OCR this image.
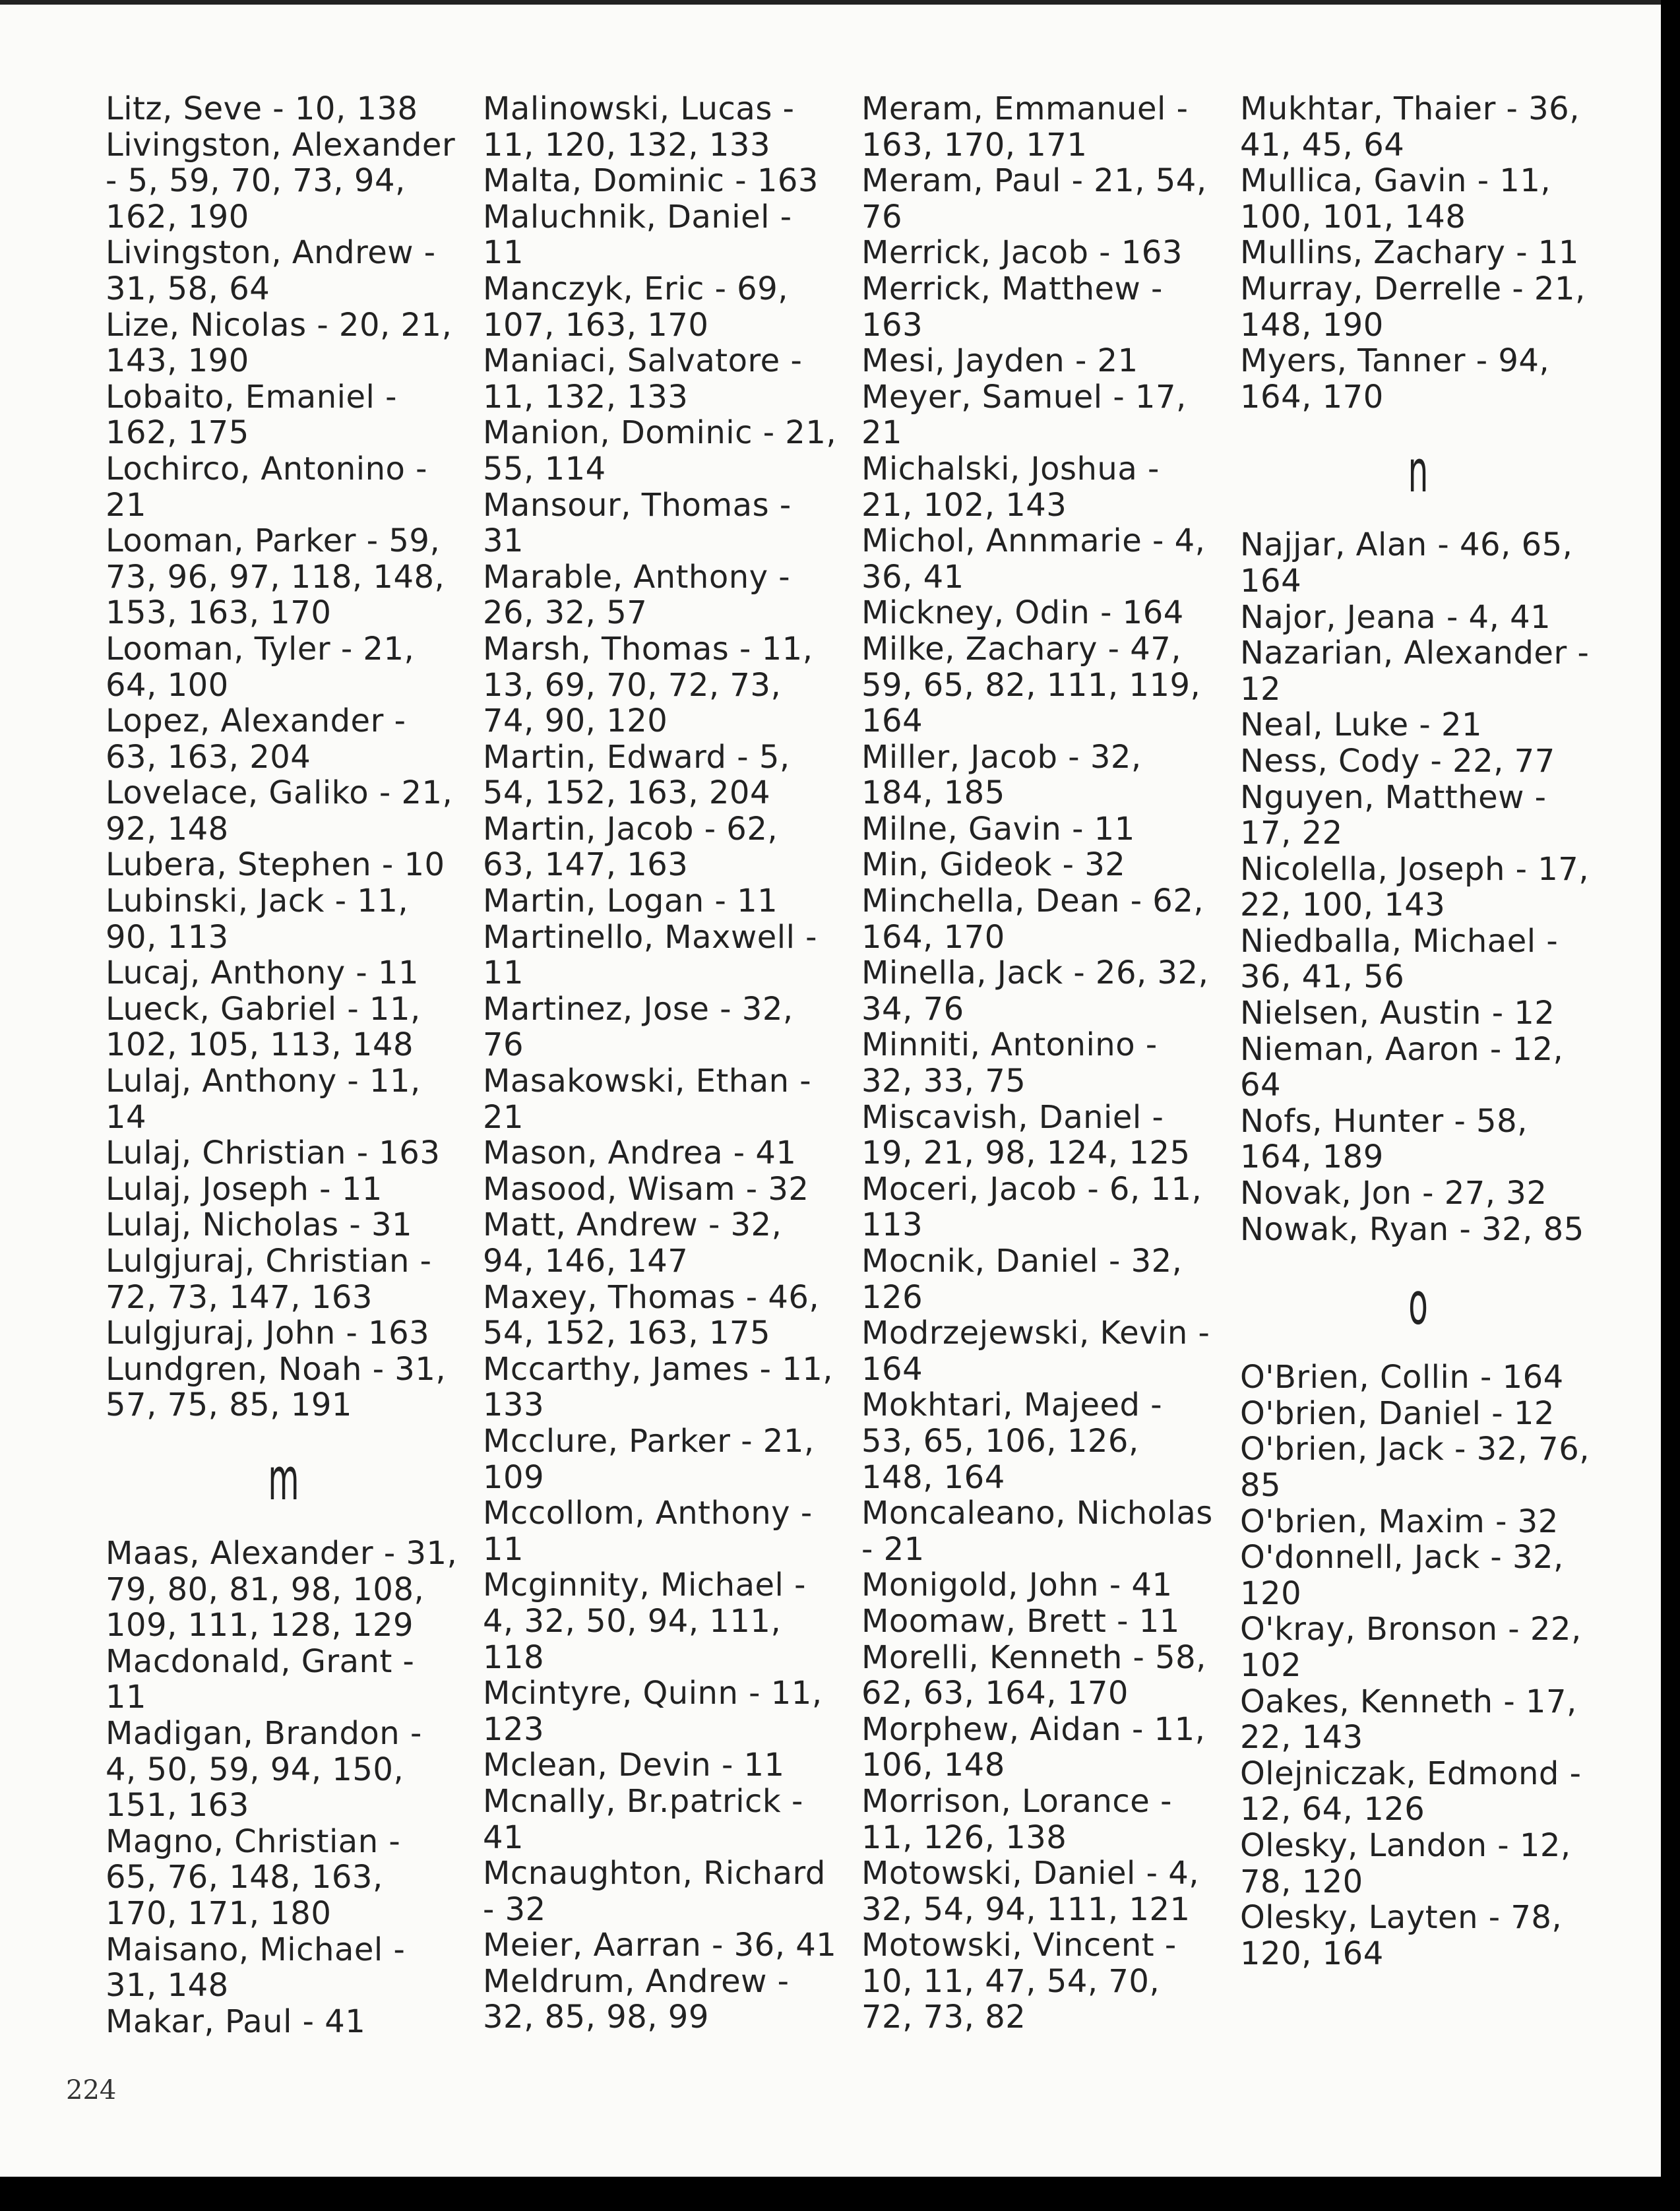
Litz, Seve - 10, 138
Livingston, Alexander - 5, 59, 70, 73, 94, 162, 190
Livingston, Andrew - 31, 58, 64
Lize, Nicolas - 20, 21, 143, 190
Lobaito, Emaniel - 162, 175
Lochirco, Antonino - 21
Looman, Parker - 59, 73, 96, 97, 118, 148, 153, 163, 170
Looman, Tyler - 21, 64, 100
Lopez, Alexander - 63, 163, 204
Lovelace, Galiko - 21, 92, 148
Lubera, Stephen - 10
Lubinski, Jack - 11, 90, 113
Lucaj, Anthony - 11
Lueck, Gabriel - 11, 102, 105, 113, 148
Lulaj, Anthony - 11, 14
Lulaj, Christian - 163
Lulaj, Joseph - 11
Lulaj, Nicholas - 31
Lulgjuraj, Christian - 72, 73, 147, 163
Lulgjuraj, John - 163
Lundgren, Noah - 31, 57, 75, 85, 191
m
Maas, Alexander - 31, 79, 80, 81, 98, 108, 109, 111, 128, 129
Macdonald, Grant - 11
Madigan, Brandon - 4, 50, 59, 94, 150, 151, 163
Magno, Christian - 65, 76, 148, 163, 170, 171, 180
Maisano, Michael - 31, 148
Makar, Paul - 41
Malinowski, Lucas - 11, 120, 132, 133
Malta, Dominic - 163
Maluchnik, Daniel - 11
Manczyk, Eric - 69, 107, 163, 170
Maniaci, Salvatore - 11, 132, 133
Manion, Dominic - 21, 55, 114
Mansour, Thomas - 31
Marable, Anthony - 26, 32, 57
Marsh, Thomas - 11, 13, 69, 70, 72, 73, 74, 90, 120
Martin, Edward - 5, 54, 152, 163, 204
Martin, Jacob - 62, 63, 147, 163
Martin, Logan - 11
Martinello, Maxwell - 11
Martinez, Jose - 32, 76
Masakowski, Ethan - 21
Mason, Andrea - 41
Masood, Wisam - 32
Matt, Andrew - 32, 94, 146, 147
Maxey, Thomas - 46, 54, 152, 163, 175
Mccarthy, James - 11, 133
Mcclure, Parker - 21, 109
Mccollom, Anthony - 11
Mcginnity, Michael - 4, 32, 50, 94, 111, 118
Mcintyre, Quinn - 11, 123
Mclean, Devin - 11
Mcnally, Br.patrick - 41
Mcnaughton, Richard - 32
Meier, Aarran - 36, 41
Meldrum, Andrew - 32, 85, 98, 99
Meram, Emmanuel - 163, 170, 171
Meram, Paul - 21, 54, 76
Merrick, Jacob - 163
Merrick, Matthew - 163
Mesi, Jayden - 21
Meyer, Samuel - 17, 21
Michalski, Joshua - 21, 102, 143
Michol, Annmarie - 4, 36, 41
Mickney, Odin - 164
Milke, Zachary - 47, 59, 65, 82, 111, 119, 164
Miller, Jacob - 32, 184, 185
Milne, Gavin - 11
Min, Gideok - 32
Minchella, Dean - 62, 164, 170
Minella, Jack - 26, 32, 34, 76
Minniti, Antonino - 32, 33, 75
Miscavish, Daniel - 19, 21, 98, 124, 125
Moceri, Jacob - 6, 11, 113
Mocnik, Daniel - 32, 126
Modrzejewski, Kevin - 164
Mokhtari, Majeed - 53, 65, 106, 126, 148, 164
Moncaleano, Nicholas - 21
Monigold, John - 41
Moomaw, Brett - 11
Morelli, Kenneth - 58, 62, 63, 164, 170
Morphew, Aidan - 11, 106, 148
Morrison, Lorance - 11, 126, 138
Motowski, Daniel - 4, 32, 54, 94, 111, 121
Motowski, Vincent - 10, 11, 47, 54, 70, 72, 73, 82
Mukhtar, Thaier - 36, 41, 45, 64
Mullica, Gavin - 11, 100, 101, 148
Mullins, Zachary - 11
Murray, Derrelle - 21, 148, 190
Myers, Tanner - 94, 164, 170
n
Najjar, Alan - 46, 65, 164
Najor, Jeana - 4, 41
Nazarian, Alexander - 12
Neal, Luke - 21
Ness, Cody - 22, 77
Nguyen, Matthew - 17, 22
Nicolella, Joseph - 17, 22, 100, 143
Niedballa, Michael - 36, 41, 56
Nielsen, Austin - 12
Nieman, Aaron - 12, 64
Nofs, Hunter - 58, 164, 189
Novak, Jon - 27, 32
Nowak, Ryan - 32, 85
o
O'Brien, Collin - 164
O'brien, Daniel - 12
O'brien, Jack - 32, 76, 85
O'brien, Maxim - 32
O'donnell, Jack - 32, 120
O'kray, Bronson - 22, 102
Oakes, Kenneth - 17, 22, 143
Olejniczak, Edmond - 12, 64, 126
Olesky, Landon - 12, 78, 120
Olesky, Layten - 78, 120, 164
224
